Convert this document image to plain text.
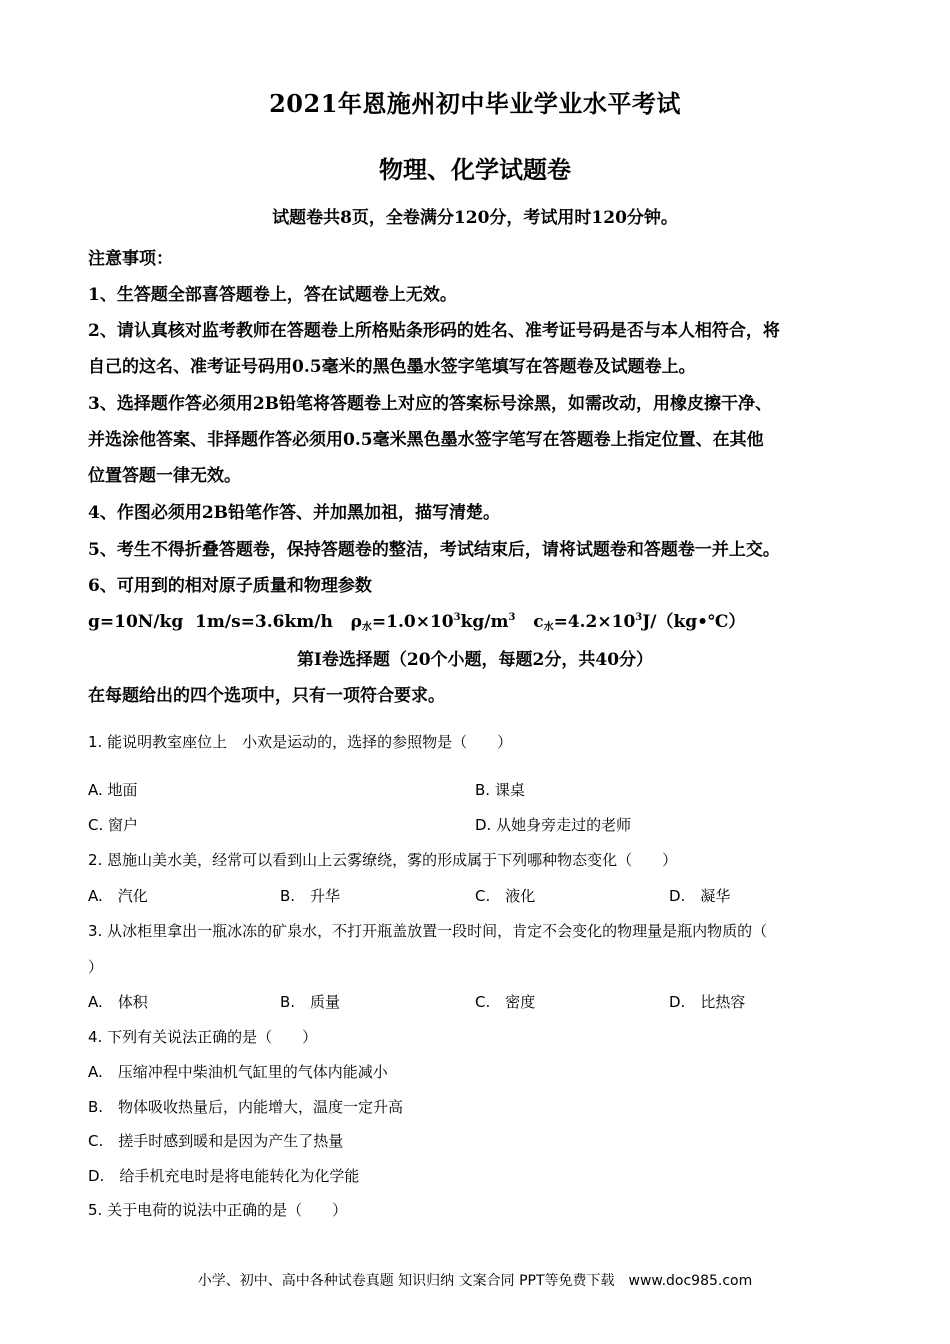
2021年恩施州初中毕业学业水平考试
物理、化学试题卷
试题卷共8页，全卷满分120分，考试用时120分钟。
注意事项：
1、生答题全部喜答题卷上，答在试题卷上无效。
2、请认真核对监考教师在答题卷上所格贴条形码的姓名、准考证号码是否与本人相符合，将
自己的这名、准考证号码用0.5毫米的黑色墨水签字笔填写在答题卷及试题卷上。
3、选择题作答必须用2B铅笔将答题卷上对应的答案标号涂黑，如需改动，用橡皮擦干净、
并选涂他答案、非择题作答必须用0.5毫米黑色墨水签字笔写在答题卷上指定位置、在其他
位置答题一律无效。
4、作图必须用2B铅笔作答、并加黑加祖，描写清楚。
5、考生不得折叠答题卷，保持答题卷的整洁，考试结束后，请将试题卷和答题卷一并上交。
6、可用到的相对原子质量和物理参数
g=10N/kg 1m/s=3.6km/h $\rho_水=1.0\times 10^3kg/m^3$ $c_水=4.2\times 10^3J/(kg•℃)$
第I卷选择题（20个小题，每题2分，共40分）
在每题给出的四个选项中，只有一项符合要求。
1. 能说明教室座位上　小欢是运动的，选择的参照物是（　　）
A. 地面	B. 课桌
C. 窗户	D. 从她身旁走过的老师
2. 恩施山美水美，经常可以看到山上云雾缭绕，雾的形成属于下列哪种物态变化（　　）
A.　汽化	B.　升华	C.　液化	D.　凝华
3. 从冰柜里拿出一瓶冰冻的矿泉水，不打开瓶盖放置一段时间，肯定不会变化的物理量是瓶内物质的（
）
A.　体积	B.　质量	C.　密度	D.　比热容
4. 下列有关说法正确的是（　　）
A.　压缩冲程中柴油机气缸里的气体内能减小
B.　物体吸收热量后，内能增大，温度一定升高
C.　搓手时感到暖和是因为产生了热量
D.　给手机充电时是将电能转化为化学能
5. 关于电荷的说法中正确的是（　　）
小学、初中、高中各种试卷真题 知识归纳 文案合同 PPT等免费下载　www.doc985.com
